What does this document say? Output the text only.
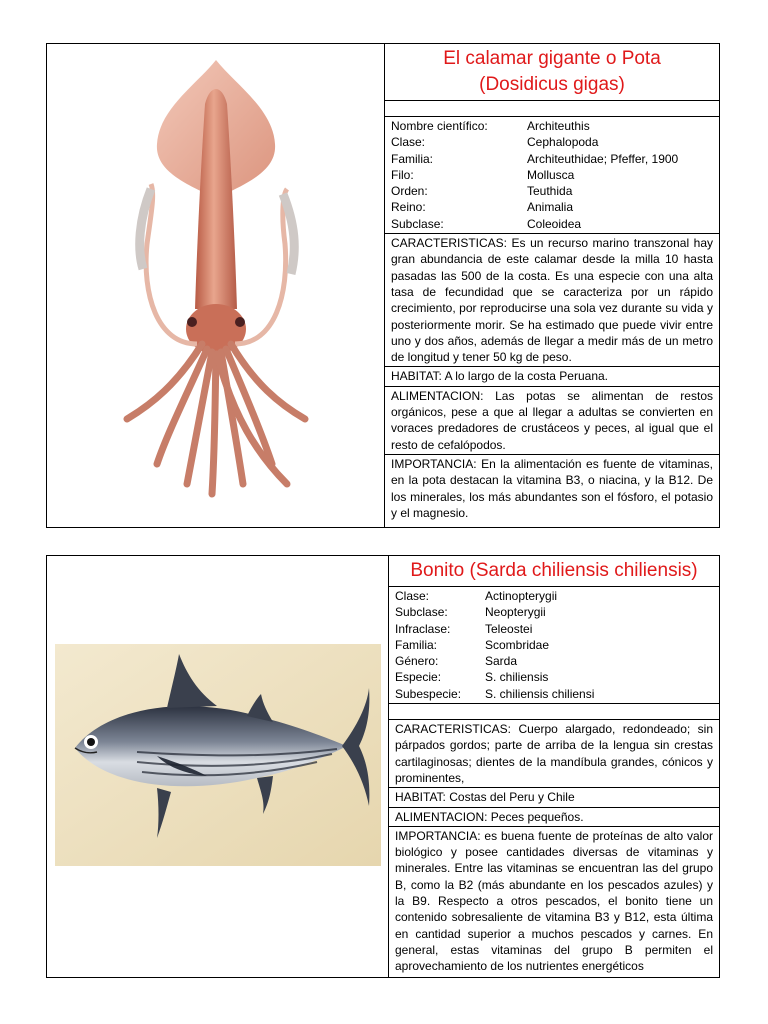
El calamar gigante o Pota
(Dosidicus gigas)
Nombre científico:	Architeuthis
Clase:	Cephalopoda
Familia:	Architeuthidae; Pfeffer, 1900
Filo:	Mollusca
Orden:	Teuthida
Reino:	Animalia
Subclase:	Coleoidea
CARACTERISTICAS: Es un recurso marino transzonal hay gran abundancia de este calamar desde la milla 10 hasta pasadas las 500 de la costa. Es una especie con una alta tasa de fecundidad que se caracteriza por un rápido crecimiento, por reproducirse una sola vez durante su vida y posteriormente morir. Se ha estimado que puede vivir entre uno y dos años, además de llegar a medir más de un metro de longitud y tener 50 kg de peso.
HABITAT: A lo largo de la costa Peruana.
ALIMENTACION: Las potas se alimentan de restos orgánicos, pese a que al llegar a adultas se convierten en voraces predadores de crustáceos y peces, al igual que el resto de cefalópodos.
IMPORTANCIA: En la alimentación es fuente de vitaminas, en la pota destacan la vitamina B3, o niacina, y la B12. De los minerales, los más abundantes son el fósforo, el potasio y el magnesio.
Bonito (Sarda chiliensis chiliensis)
Clase:	Actinopterygii
Subclase:	Neopterygii
Infraclase:	Teleostei
Familia:	Scombridae
Género:	Sarda
Especie:	S. chiliensis
Subespecie:	S. chiliensis chiliensi
CARACTERISTICAS: Cuerpo alargado, redondeado; sin párpados gordos; parte de arriba de la lengua sin crestas cartilaginosas; dientes de la mandíbula grandes, cónicos y prominentes,
HABITAT: Costas del Peru y Chile
ALIMENTACION: Peces pequeños.
IMPORTANCIA: es buena fuente de proteínas de alto valor biológico y posee cantidades diversas de vitaminas y minerales. Entre las vitaminas se encuentran las del grupo B, como la B2 (más abundante en los pescados azules) y la B9. Respecto a otros pescados, el bonito tiene un contenido sobresaliente de vitamina B3 y B12, esta última en cantidad superior a muchos pescados y carnes. En general, estas vitaminas del grupo B permiten el aprovechamiento de los nutrientes energéticos
